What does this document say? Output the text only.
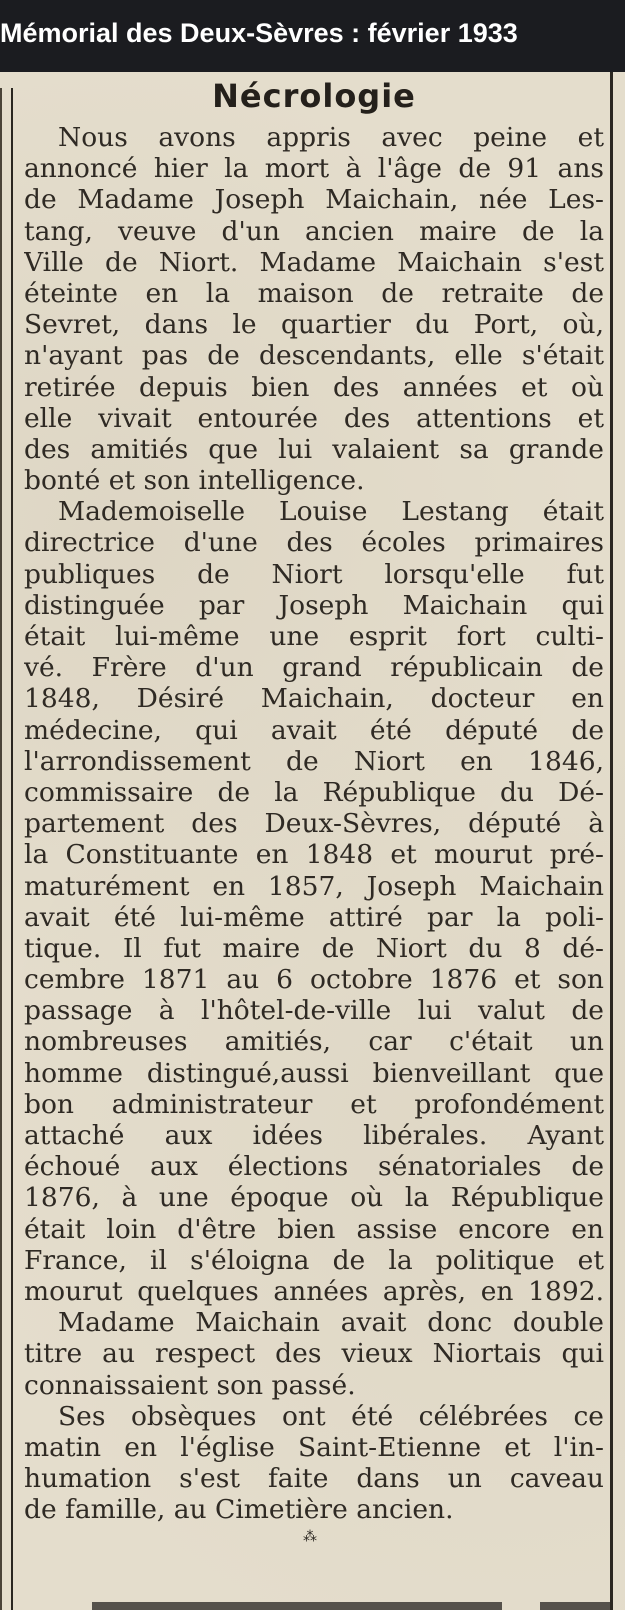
Mémorial des Deux-Sèvres : février 1933
Nécrologie
Nous avons appris avec peine et
annoncé hier la mort à l'âge de 91 ans
de Madame Joseph Maichain, née Les-
tang, veuve d'un ancien maire de la
Ville de Niort. Madame Maichain s'est
éteinte en la maison de retraite de
Sevret, dans le quartier du Port, où,
n'ayant pas de descendants, elle s'était
retirée depuis bien des années et où
elle vivait entourée des attentions et
des amitiés que lui valaient sa grande
bonté et son intelligence.
Mademoiselle Louise Lestang était
directrice d'une des écoles primaires
publiques de Niort lorsqu'elle fut
distinguée par Joseph Maichain qui
était lui-même une esprit fort culti-
vé. Frère d'un grand républicain de
1848, Désiré Maichain, docteur en
médecine, qui avait été député de
l'arrondissement de Niort en 1846,
commissaire de la République du Dé-
partement des Deux-Sèvres, député à
la Constituante en 1848 et mourut pré-
maturément en 1857, Joseph Maichain
avait été lui-même attiré par la poli-
tique. Il fut maire de Niort du 8 dé-
cembre 1871 au 6 octobre 1876 et son
passage à l'hôtel-de-ville lui valut de
nombreuses amitiés, car c'était un
homme distingué,aussi bienveillant que
bon administrateur et profondément
attaché aux idées libérales. Ayant
échoué aux élections sénatoriales de
1876, à une époque où la République
était loin d'être bien assise encore en
France, il s'éloigna de la politique et
mourut quelques années après, en 1892.
Madame Maichain avait donc double
titre au respect des vieux Niortais qui
connaissaient son passé.
Ses obsèques ont été célébrées ce
matin en l'église Saint-Etienne et l'in-
humation s'est faite dans un caveau
de famille, au Cimetière ancien.
⁂
